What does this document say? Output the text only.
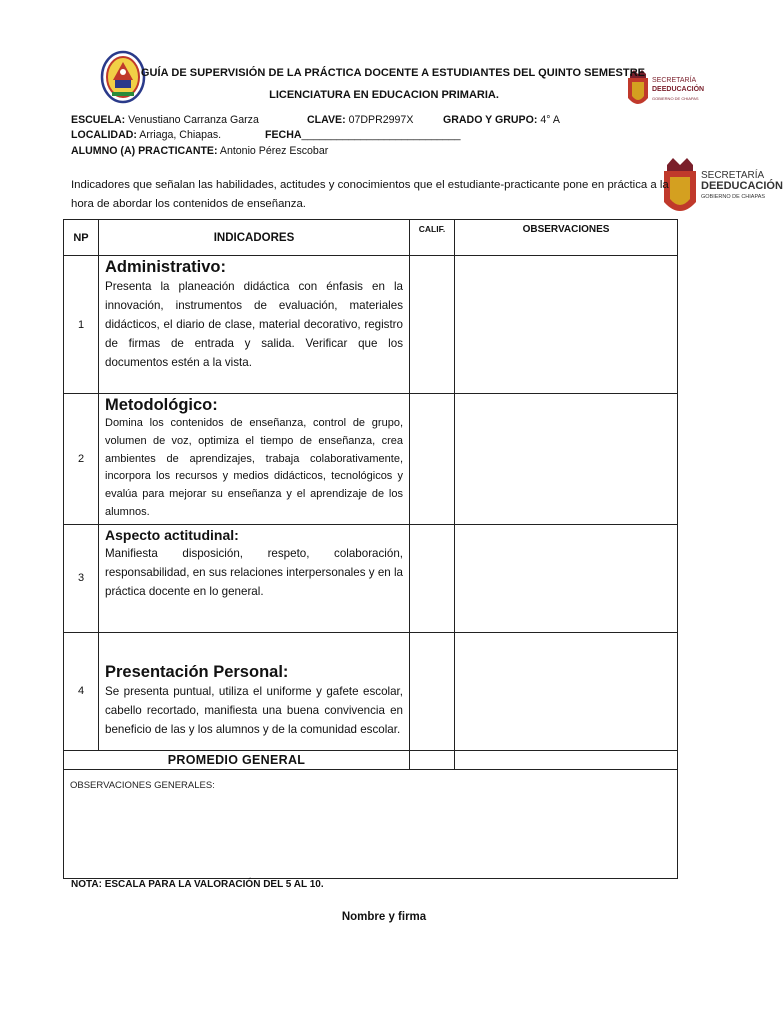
SECRETARÍA
DEEDUCACIÓN
GOBIERNO DE CHIAPAS
SECRETARÍA
DEEDUCACIÓN
GOBIERNO DE CHIAPAS
GUÍA DE SUPERVISIÓN DE LA PRÁCTICA DOCENTE A ESTUDIANTES DEL QUINTO SEMESTRE
LICENCIATURA EN EDUCACION PRIMARIA.
ESCUELA: Venustiano Carranza Garza	CLAVE: 07DPR2997X	GRADO Y GRUPO: 4° A
LOCALIDAD: Arriaga, Chiapas.	FECHA___________________________
ALUMNO (A) PRACTICANTE: Antonio Pérez Escobar
Indicadores que señalan las habilidades, actitudes y conocimientos que el estudiante-practicante pone en práctica a la hora de abordar los contenidos de enseñanza.
NP	INDICADORES	CALIF.	OBSERVACIONES
1	Administrativo:
Presenta la planeación didáctica con énfasis en la innovación, instrumentos de evaluación, materiales didácticos, el diario de clase, material decorativo, registro de firmas de entrada y salida. Verificar que los documentos estén a la vista.		

2	Metodológico:
Domina los contenidos de enseñanza, control de grupo, volumen de voz, optimiza el tiempo de enseñanza, crea ambientes de aprendizajes, trabaja colaborativamente, incorpora los recursos y medios didácticos, tecnológicos y evalúa para mejorar su enseñanza y el aprendizaje de los alumnos.		

3	Aspecto actitudinal:
Manifiesta disposición, respeto, colaboración, responsabilidad, en sus relaciones interpersonales y en la práctica docente en lo general.		

4	Presentación Personal:
Se presenta puntual, utiliza el uniforme y gafete escolar, cabello recortado, manifiesta una buena convivencia en beneficio de las y los alumnos y de la comunidad escolar.		

PROMEDIO GENERAL			
OBSERVACIONES GENERALES:			
NOTA: ESCALA PARA LA VALORACIÓN DEL 5 AL 10.
Nombre y firma
